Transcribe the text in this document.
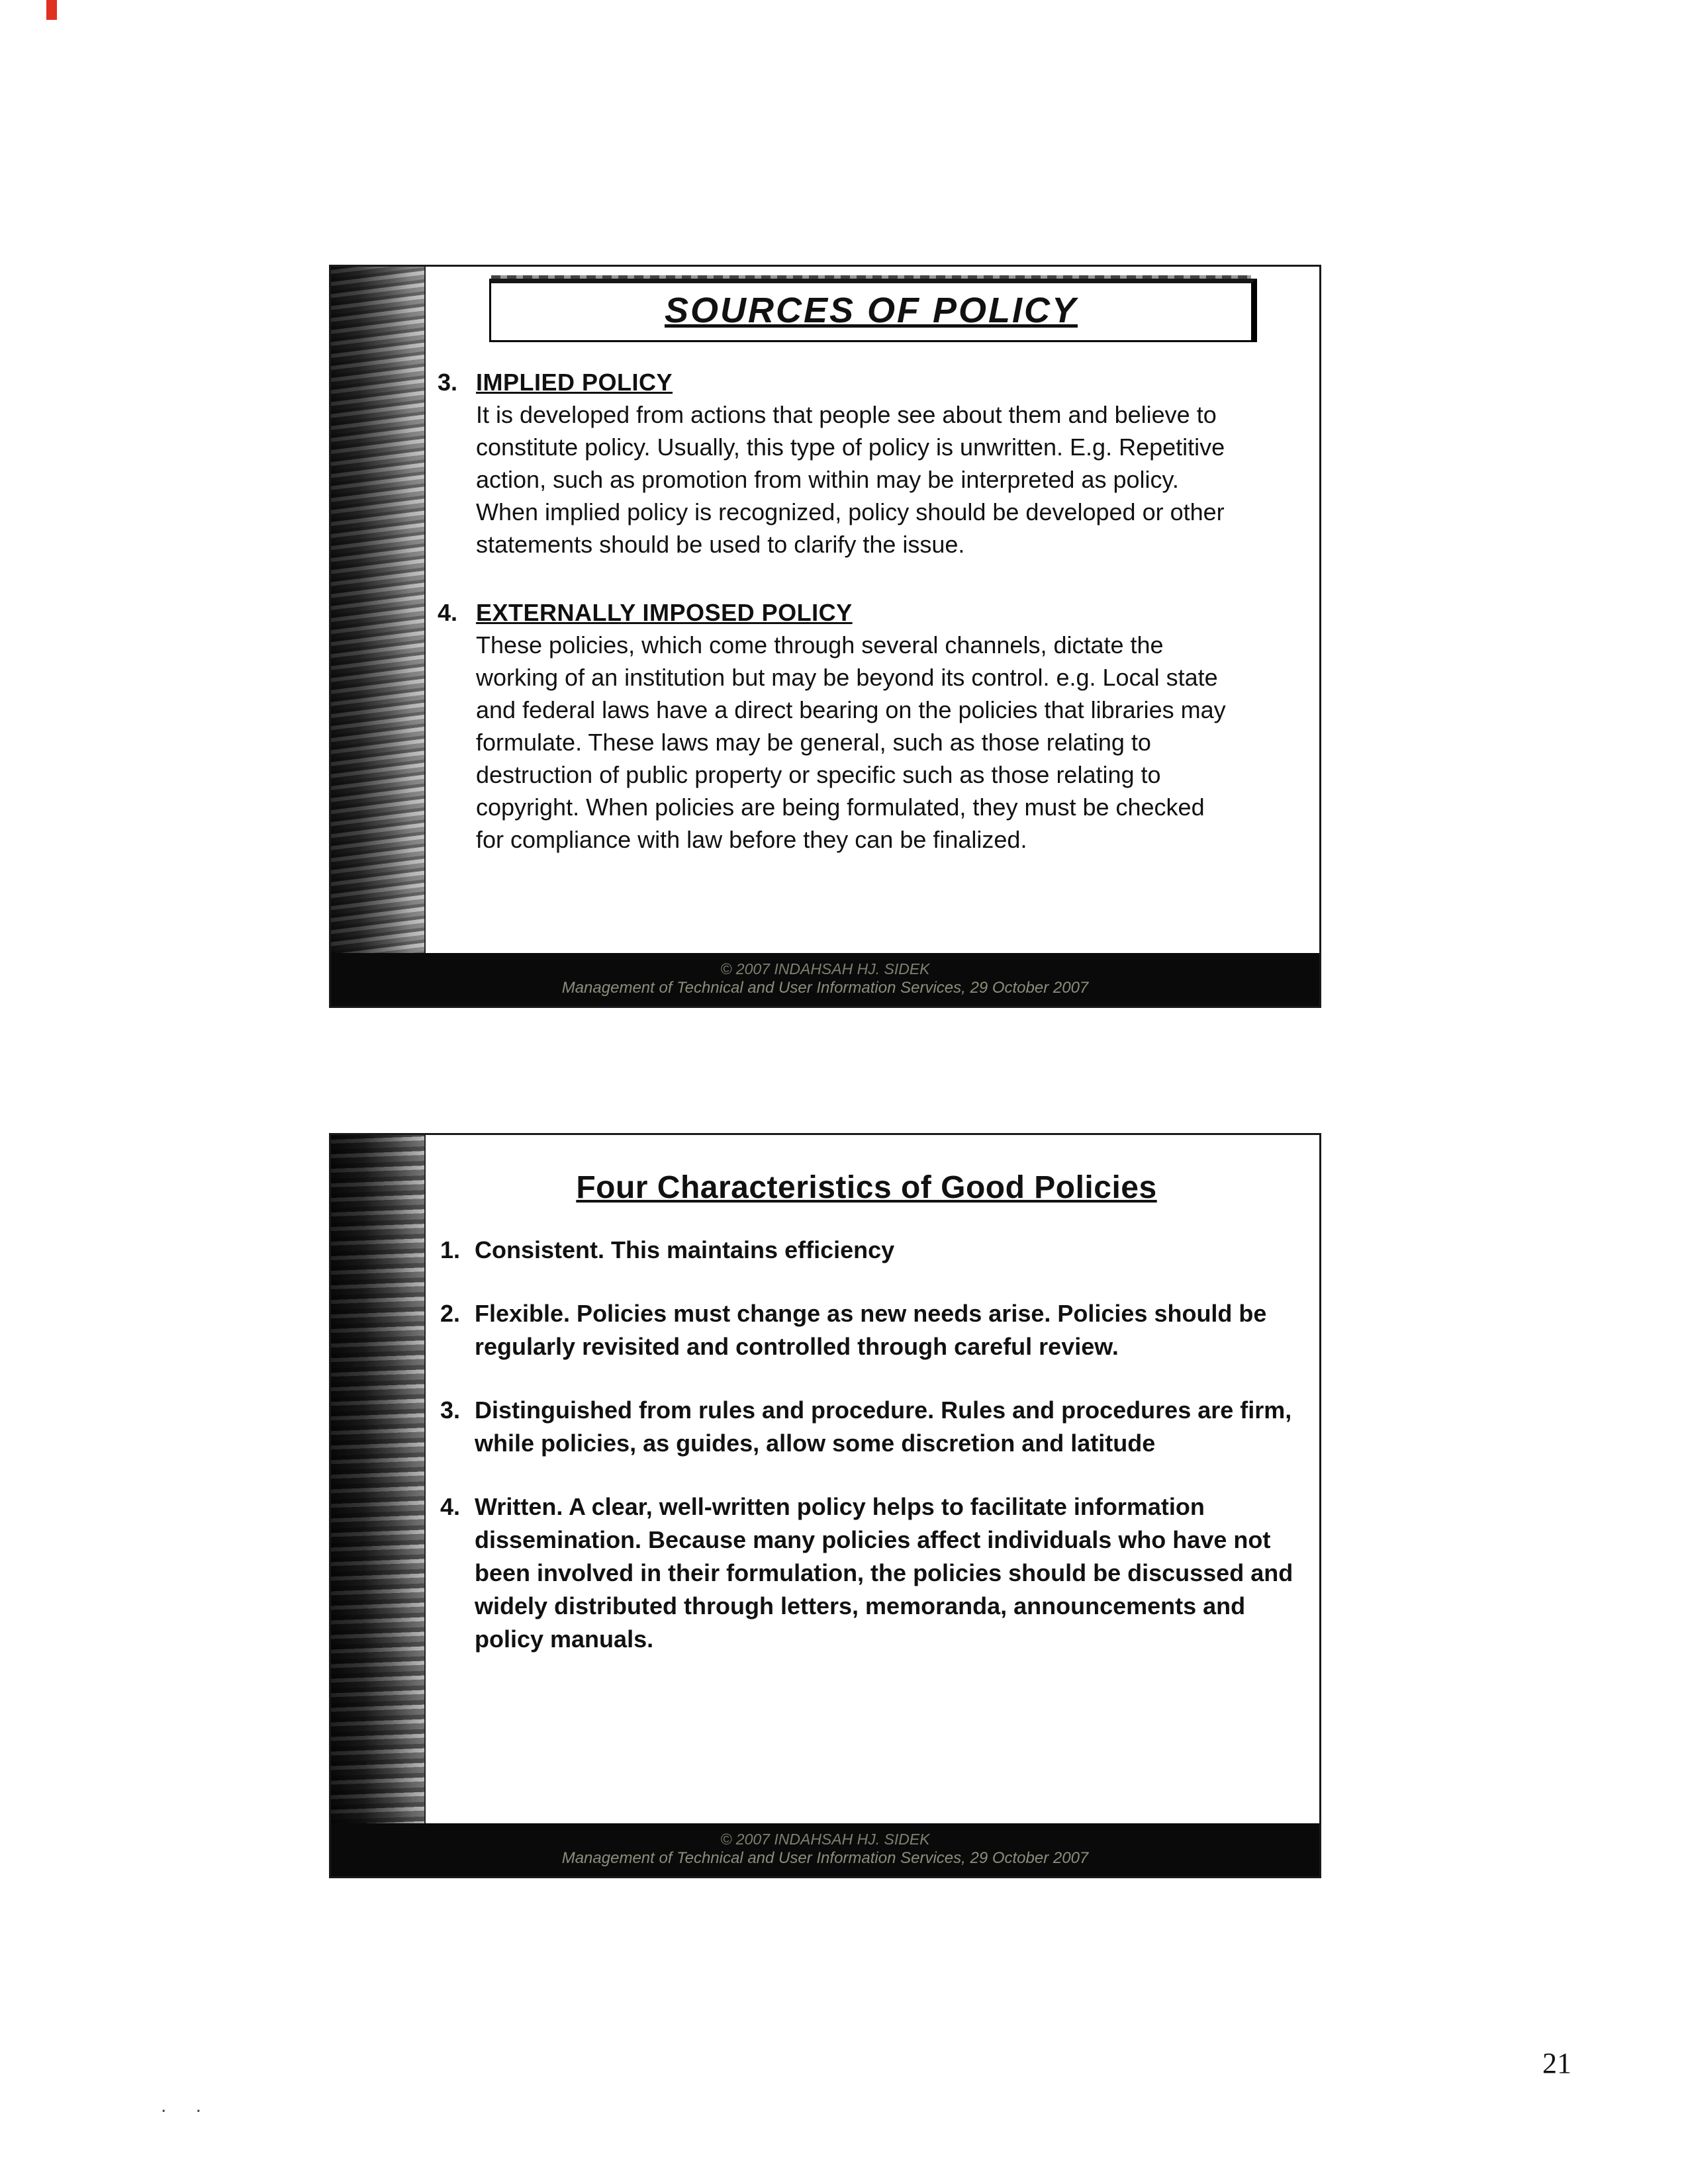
SOURCES OF POLICY
3. IMPLIED POLICY
It is developed from actions that people see about them and believe to constitute policy. Usually, this type of policy is unwritten. E.g. Repetitive action, such as promotion from within may be interpreted as policy. When implied policy is recognized, policy should be developed or other statements should be used to clarify the issue.
4. EXTERNALLY IMPOSED POLICY
These policies, which come through several channels, dictate the working of an institution but may be beyond its control. e.g. Local state and federal laws have a direct bearing on the policies that libraries may formulate. These laws may be general, such as those relating to destruction of public property or specific such as those relating to copyright. When policies are being formulated, they must be checked for compliance with law before they can be finalized.
© 2007 INDAHSAH HJ. SIDEK
Management of Technical and User Information Services, 29 October 2007
Four Characteristics of Good Policies
1. Consistent. This maintains efficiency
2. Flexible. Policies must change as new needs arise. Policies should be regularly revisited and controlled through careful review.
3. Distinguished from rules and procedure. Rules and procedures are firm, while policies, as guides, allow some discretion and latitude
4. Written. A clear, well-written policy helps to facilitate information dissemination. Because many policies affect individuals who have not been involved in their formulation, the policies should be discussed and widely distributed through letters, memoranda, announcements and policy manuals.
© 2007 INDAHSAH HJ. SIDEK
Management of Technical and User Information Services, 29 October 2007
. .
21
